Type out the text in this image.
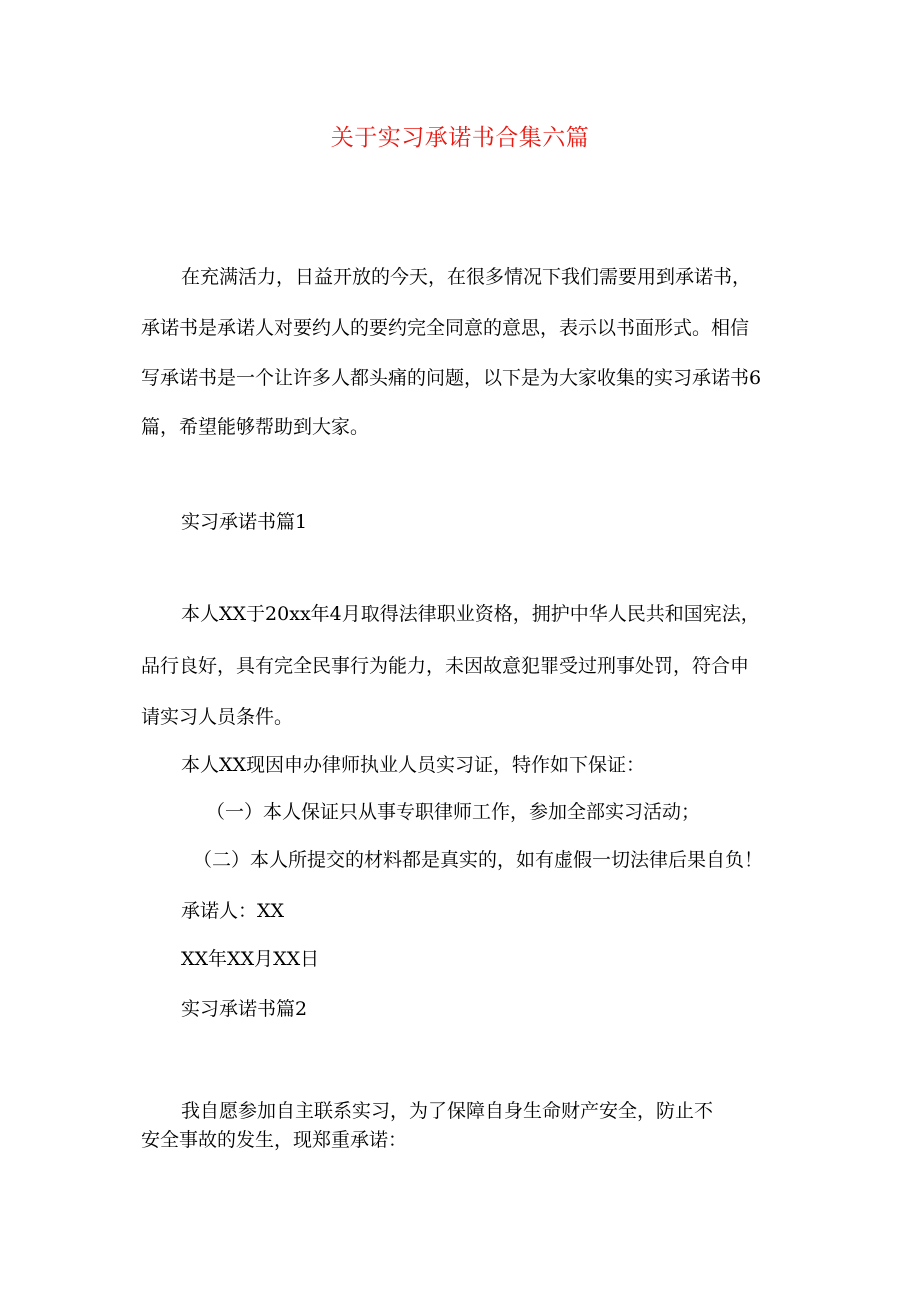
关于实习承诺书合集六篇
在充满活力，日益开放的今天，在很多情况下我们需要用到承诺书，
承诺书是承诺人对要约人的要约完全同意的意思，表示以书面形式。相信
写承诺书是一个让许多人都头痛的问题，以下是为大家收集的实习承诺书6
篇，希望能够帮助到大家。
实习承诺书篇1
本人XX于20xx年4月取得法律职业资格，拥护中华人民共和国宪法，
品行良好，具有完全民事行为能力，未因故意犯罪受过刑事处罚，符合申
请实习人员条件。
本人XX现因申办律师执业人员实习证，特作如下保证：
（一）本人保证只从事专职律师工作，参加全部实习活动；
（二）本人所提交的材料都是真实的，如有虚假一切法律后果自负！
承诺人：XX
XX年XX月XX日
实习承诺书篇2
我自愿参加自主联系实习，为了保障自身生命财产安全，防止不
安全事故的发生，现郑重承诺：
